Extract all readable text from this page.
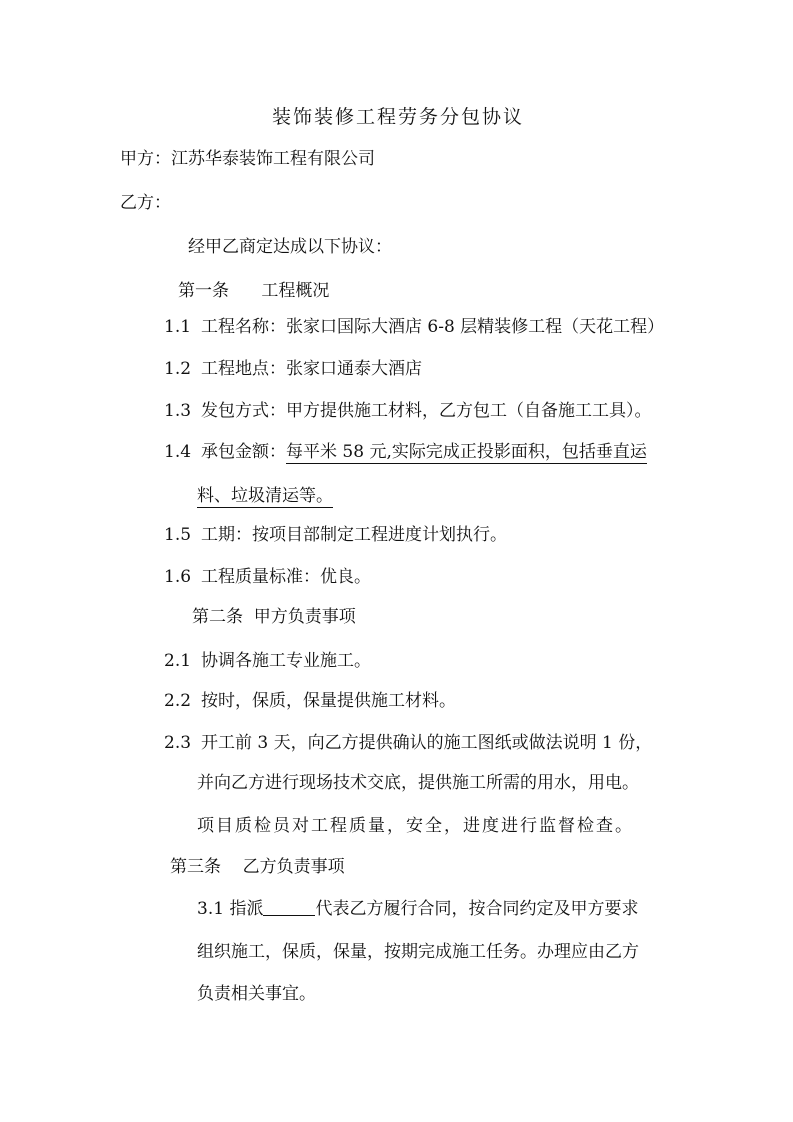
装饰装修工程劳务分包协议
甲方：江苏华泰装饰工程有限公司
乙方：
经甲乙商定达成以下协议：
第一条      工程概况
1.1 工程名称：张家口国际大酒店 6-8 层精装修工程（天花工程）
1.2 工程地点：张家口通泰大酒店
1.3 发包方式：甲方提供施工材料，乙方包工（自备施工工具）。
1.4 承包金额：每平米 58 元,实际完成正投影面积，包括垂直运
料、垃圾清运等。
1.5 工期：按项目部制定工程进度计划执行。
1.6 工程质量标准：优良。
第二条  甲方负责事项
2.1 协调各施工专业施工。
2.2 按时，保质，保量提供施工材料。
2.3 开工前 3 天，向乙方提供确认的施工图纸或做法说明 1 份，
并向乙方进行现场技术交底，提供施工所需的用水，用电。
项目质检员对工程质量，安全，进度进行监督检查。
第三条    乙方负责事项
3.1 指派	代表乙方履行合同，按合同约定及甲方要求
组织施工，保质，保量，按期完成施工任务。办理应由乙方
负责相关事宜。
